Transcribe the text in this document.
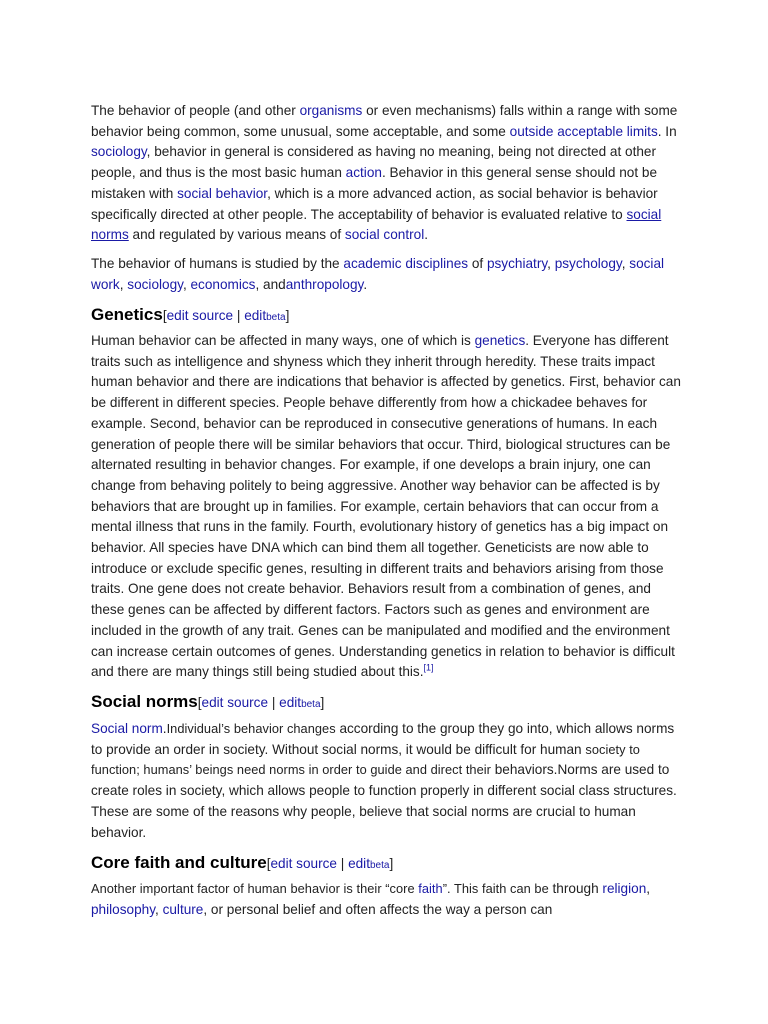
The behavior of people (and other organisms or even mechanisms) falls within a range with some behavior being common, some unusual, some acceptable, and some outside acceptable limits. In sociology, behavior in general is considered as having no meaning, being not directed at other people, and thus is the most basic human action. Behavior in this general sense should not be mistaken with social behavior, which is a more advanced action, as social behavior is behavior specifically directed at other people. The acceptability of behavior is evaluated relative to social norms and regulated by various means of social control.

The behavior of humans is studied by the academic disciplines of psychiatry, psychology, social work, sociology, economics, andanthropology.

Genetics[edit source | editbeta]

Human behavior can be affected in many ways, one of which is genetics. Everyone has different traits such as intelligence and shyness which they inherit through heredity. These traits impact human behavior and there are indications that behavior is affected by genetics. First, behavior can be different in different species. People behave differently from how a chickadee behaves for example. Second, behavior can be reproduced in consecutive generations of humans. In each generation of people there will be similar behaviors that occur. Third, biological structures can be alternated resulting in behavior changes. For example, if one develops a brain injury, one can change from behaving politely to being aggressive. Another way behavior can be affected is by behaviors that are brought up in families. For example, certain behaviors that can occur from a mental illness that runs in the family. Fourth, evolutionary history of genetics has a big impact on behavior. All species have DNA which can bind them all together. Geneticists are now able to introduce or exclude specific genes, resulting in different traits and behaviors arising from those traits. One gene does not create behavior. Behaviors result from a combination of genes, and these genes can be affected by different factors. Factors such as genes and environment are included in the growth of any trait. Genes can be manipulated and modified and the environment can increase certain outcomes of genes. Understanding genetics in relation to behavior is difficult and there are many things still being studied about this.[1]

Social norms[edit source | editbeta]

Social norm.Individual’s behavior changes according to the group they go into, which allows norms to provide an order in society. Without social norms, it would be difficult for human society to function; humans’ beings need norms in order to guide and direct their behaviors.Norms are used to create roles in society, which allows people to function properly in different social class structures. These are some of the reasons why people, believe that social norms are crucial to human behavior.

Core faith and culture[edit source | editbeta]

Another important factor of human behavior is their “core faith”. This faith can be through religion, philosophy, culture, or personal belief and often affects the way a person can
